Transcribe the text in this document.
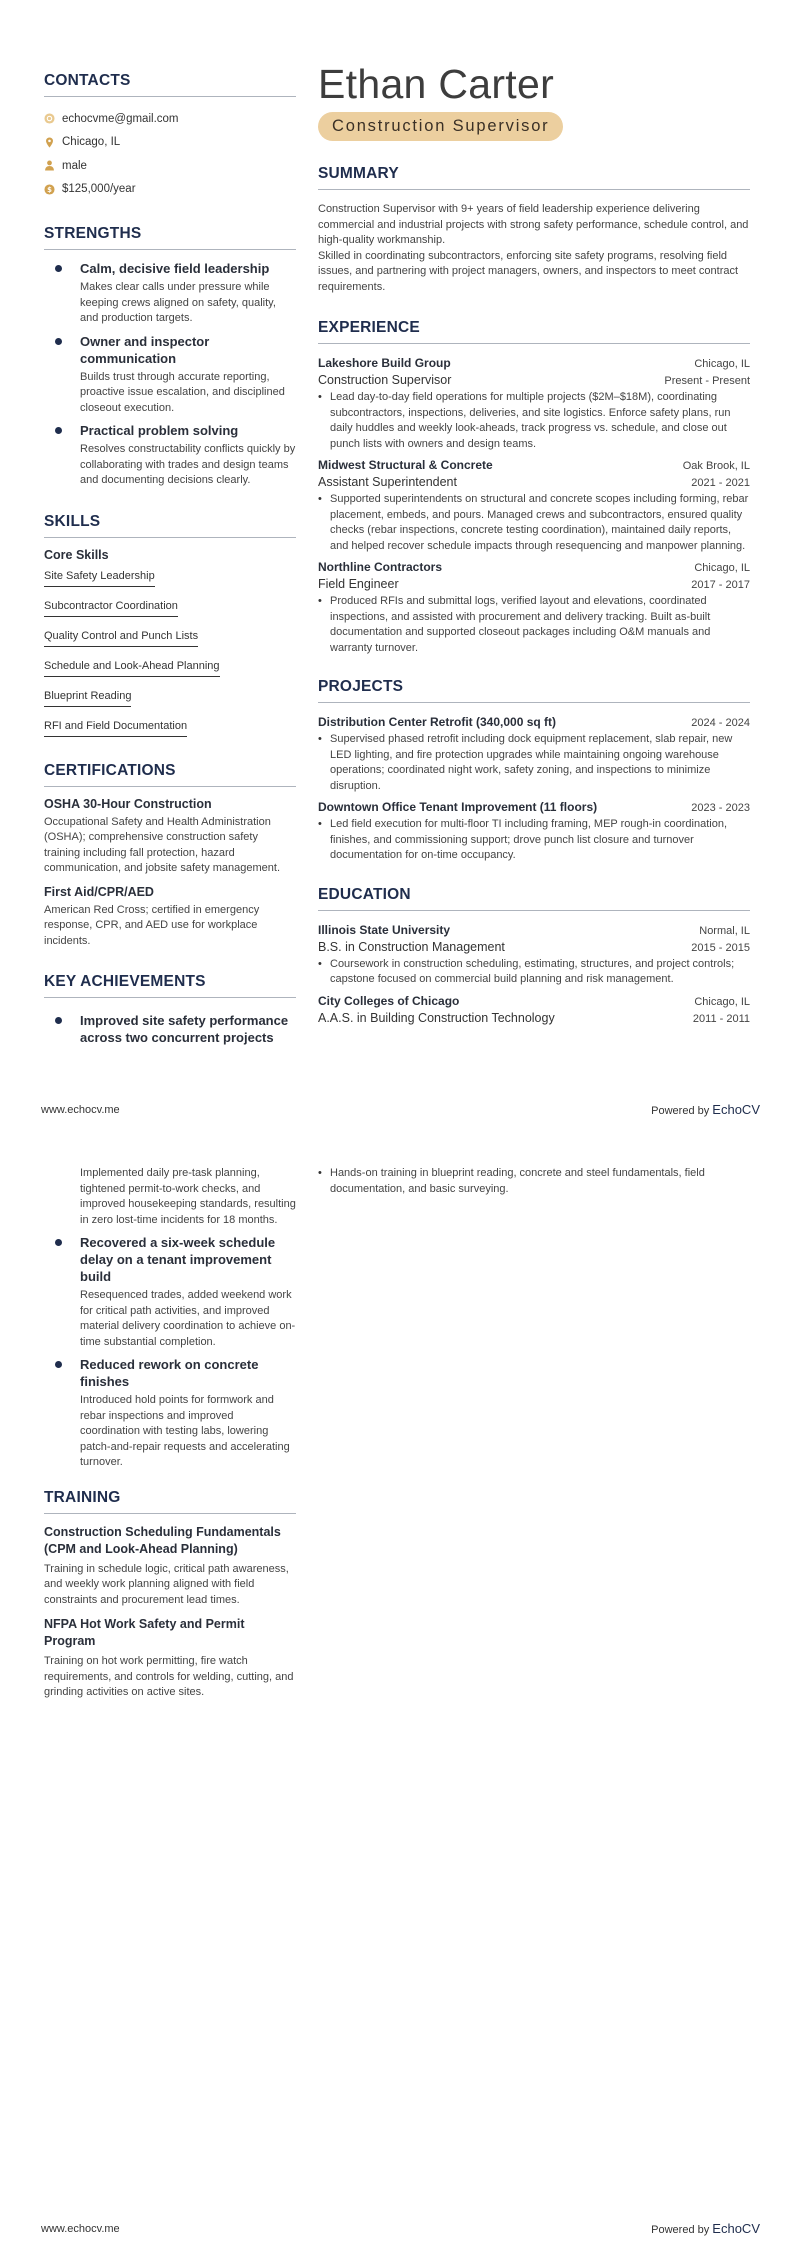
CONTACTS
echocvme@gmail.com
Chicago, IL
male
$ $125,000/year
STRENGTHS
Calm, decisive field leadership
Makes clear calls under pressure while keeping crews aligned on safety, quality, and production targets.
Owner and inspector communication
Builds trust through accurate reporting, proactive issue escalation, and disciplined closeout execution.
Practical problem solving
Resolves constructability conflicts quickly by collaborating with trades and design teams and documenting decisions clearly.
SKILLS
Core Skills
Site Safety Leadership
Subcontractor Coordination
Quality Control and Punch Lists
Schedule and Look-Ahead Planning
Blueprint Reading
RFI and Field Documentation
CERTIFICATIONS
OSHA 30-Hour Construction
Occupational Safety and Health Administration (OSHA); comprehensive construction safety training including fall protection, hazard communication, and jobsite safety management.
First Aid/CPR/AED
American Red Cross; certified in emergency response, CPR, and AED use for workplace incidents.
KEY ACHIEVEMENTS
Improved site safety performance across two concurrent projects
Ethan Carter
Construction Supervisor
SUMMARY

Construction Supervisor with 9+ years of field leadership experience delivering commercial and industrial projects with strong safety performance, schedule control, and high-quality workmanship.

Skilled in coordinating subcontractors, enforcing site safety programs, resolving field issues, and partnering with project managers, owners, and inspectors to meet contract requirements.

EXPERIENCE
Lakeshore Build Group	Chicago, IL
Construction Supervisor	Present - Present
• Lead day-to-day field operations for multiple projects ($2M–$18M), coordinating subcontractors, inspections, deliveries, and site logistics. Enforce safety plans, run daily huddles and weekly look-aheads, track progress vs. schedule, and close out punch lists with owners and design teams.
Midwest Structural & Concrete	Oak Brook, IL
Assistant Superintendent	2021 - 2021
• Supported superintendents on structural and concrete scopes including forming, rebar placement, embeds, and pours. Managed crews and subcontractors, ensured quality checks (rebar inspections, concrete testing coordination), maintained daily reports, and helped recover schedule impacts through resequencing and manpower planning.
Northline Contractors	Chicago, IL
Field Engineer	2017 - 2017
• Produced RFIs and submittal logs, verified layout and elevations, coordinated inspections, and assisted with procurement and delivery tracking. Built as-built documentation and supported closeout packages including O&M manuals and warranty turnover.
PROJECTS
Distribution Center Retrofit (340,000 sq ft)	2024 - 2024
• Supervised phased retrofit including dock equipment replacement, slab repair, new LED lighting, and fire protection upgrades while maintaining ongoing warehouse operations; coordinated night work, safety zoning, and inspections to minimize disruption.
Downtown Office Tenant Improvement (11 floors)	2023 - 2023
• Led field execution for multi-floor TI including framing, MEP rough-in coordination, finishes, and commissioning support; drove punch list closure and turnover documentation for on-time occupancy.
EDUCATION
Illinois State University	Normal, IL
B.S. in Construction Management	2015 - 2015
• Coursework in construction scheduling, estimating, structures, and project controls; capstone focused on commercial build planning and risk management.
City Colleges of Chicago	Chicago, IL
A.A.S. in Building Construction Technology	2011 - 2011
www.echocv.me	Powered by EchoCV
Implemented daily pre-task planning, tightened permit-to-work checks, and improved housekeeping standards, resulting in zero lost-time incidents for 18 months.
Recovered a six-week schedule delay on a tenant improvement build
Resequenced trades, added weekend work for critical path activities, and improved material delivery coordination to achieve on-time substantial completion.
Reduced rework on concrete finishes
Introduced hold points for formwork and rebar inspections and improved coordination with testing labs, lowering patch-and-repair requests and accelerating turnover.
TRAINING
Construction Scheduling Fundamentals (CPM and Look-Ahead Planning)
Training in schedule logic, critical path awareness, and weekly work planning aligned with field constraints and procurement lead times.
NFPA Hot Work Safety and Permit Program
Training on hot work permitting, fire watch requirements, and controls for welding, cutting, and grinding activities on active sites.
• Hands-on training in blueprint reading, concrete and steel fundamentals, field documentation, and basic surveying.
www.echocv.me	Powered by EchoCV
